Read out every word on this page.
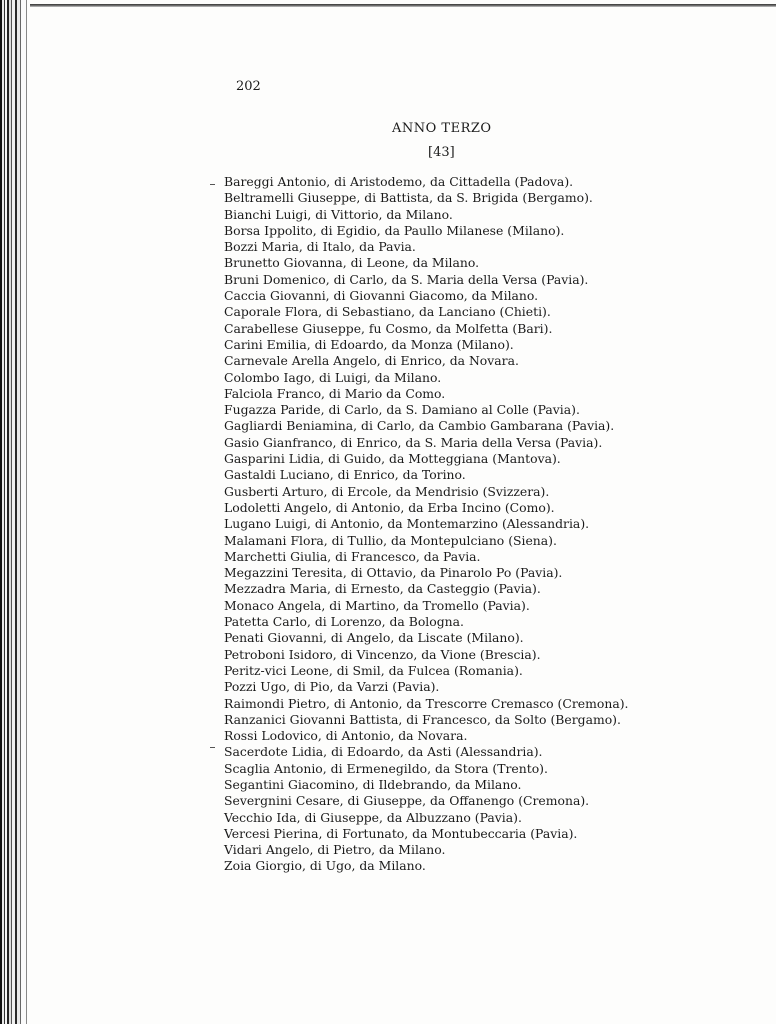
202
ANNO TERZO
[43]
Bareggi Antonio, di Aristodemo, da Cittadella (Padova).
Beltramelli Giuseppe, di Battista, da S. Brigida (Bergamo).
Bianchi Luigi, di Vittorio, da Milano.
Borsa Ippolito, di Egidio, da Paullo Milanese (Milano).
Bozzi Maria, di Italo, da Pavia.
Brunetto Giovanna, di Leone, da Milano.
Bruni Domenico, di Carlo, da S. Maria della Versa (Pavia).
Caccia Giovanni, di Giovanni Giacomo, da Milano.
Caporale Flora, di Sebastiano, da Lanciano (Chieti).
Carabellese Giuseppe, fu Cosmo, da Molfetta (Bari).
Carini Emilia, di Edoardo, da Monza (Milano).
Carnevale Arella Angelo, di Enrico, da Novara.
Colombo Iago, di Luigi, da Milano.
Falciola Franco, di Mario da Como.
Fugazza Paride, di Carlo, da S. Damiano al Colle (Pavia).
Gagliardi Beniamina, di Carlo, da Cambio Gambarana (Pavia).
Gasio Gianfranco, di Enrico, da S. Maria della Versa (Pavia).
Gasparini Lidia, di Guido, da Motteggiana (Mantova).
Gastaldi Luciano, di Enrico, da Torino.
Gusberti Arturo, di Ercole, da Mendrisio (Svizzera).
Lodoletti Angelo, di Antonio, da Erba Incino (Como).
Lugano Luigi, di Antonio, da Montemarzino (Alessandria).
Malamani Flora, di Tullio, da Montepulciano (Siena).
Marchetti Giulia, di Francesco, da Pavia.
Megazzini Teresita, di Ottavio, da Pinarolo Po (Pavia).
Mezzadra Maria, di Ernesto, da Casteggio (Pavia).
Monaco Angela, di Martino, da Tromello (Pavia).
Patetta Carlo, di Lorenzo, da Bologna.
Penati Giovanni, di Angelo, da Liscate (Milano).
Petroboni Isidoro, di Vincenzo, da Vione (Brescia).
Peritz-vici Leone, di Smil, da Fulcea (Romania).
Pozzi Ugo, di Pio, da Varzi (Pavia).
Raimondi Pietro, di Antonio, da Trescorre Cremasco (Cremona).
Ranzanici Giovanni Battista, di Francesco, da Solto (Bergamo).
Rossi Lodovico, di Antonio, da Novara.
Sacerdote Lidia, di Edoardo, da Asti (Alessandria).
Scaglia Antonio, di Ermenegildo, da Stora (Trento).
Segantini Giacomino, di Ildebrando, da Milano.
Severgnini Cesare, di Giuseppe, da Offanengo (Cremona).
Vecchio Ida, di Giuseppe, da Albuzzano (Pavia).
Vercesi Pierina, di Fortunato, da Montubeccaria (Pavia).
Vidari Angelo, di Pietro, da Milano.
Zoia Giorgio, di Ugo, da Milano.
